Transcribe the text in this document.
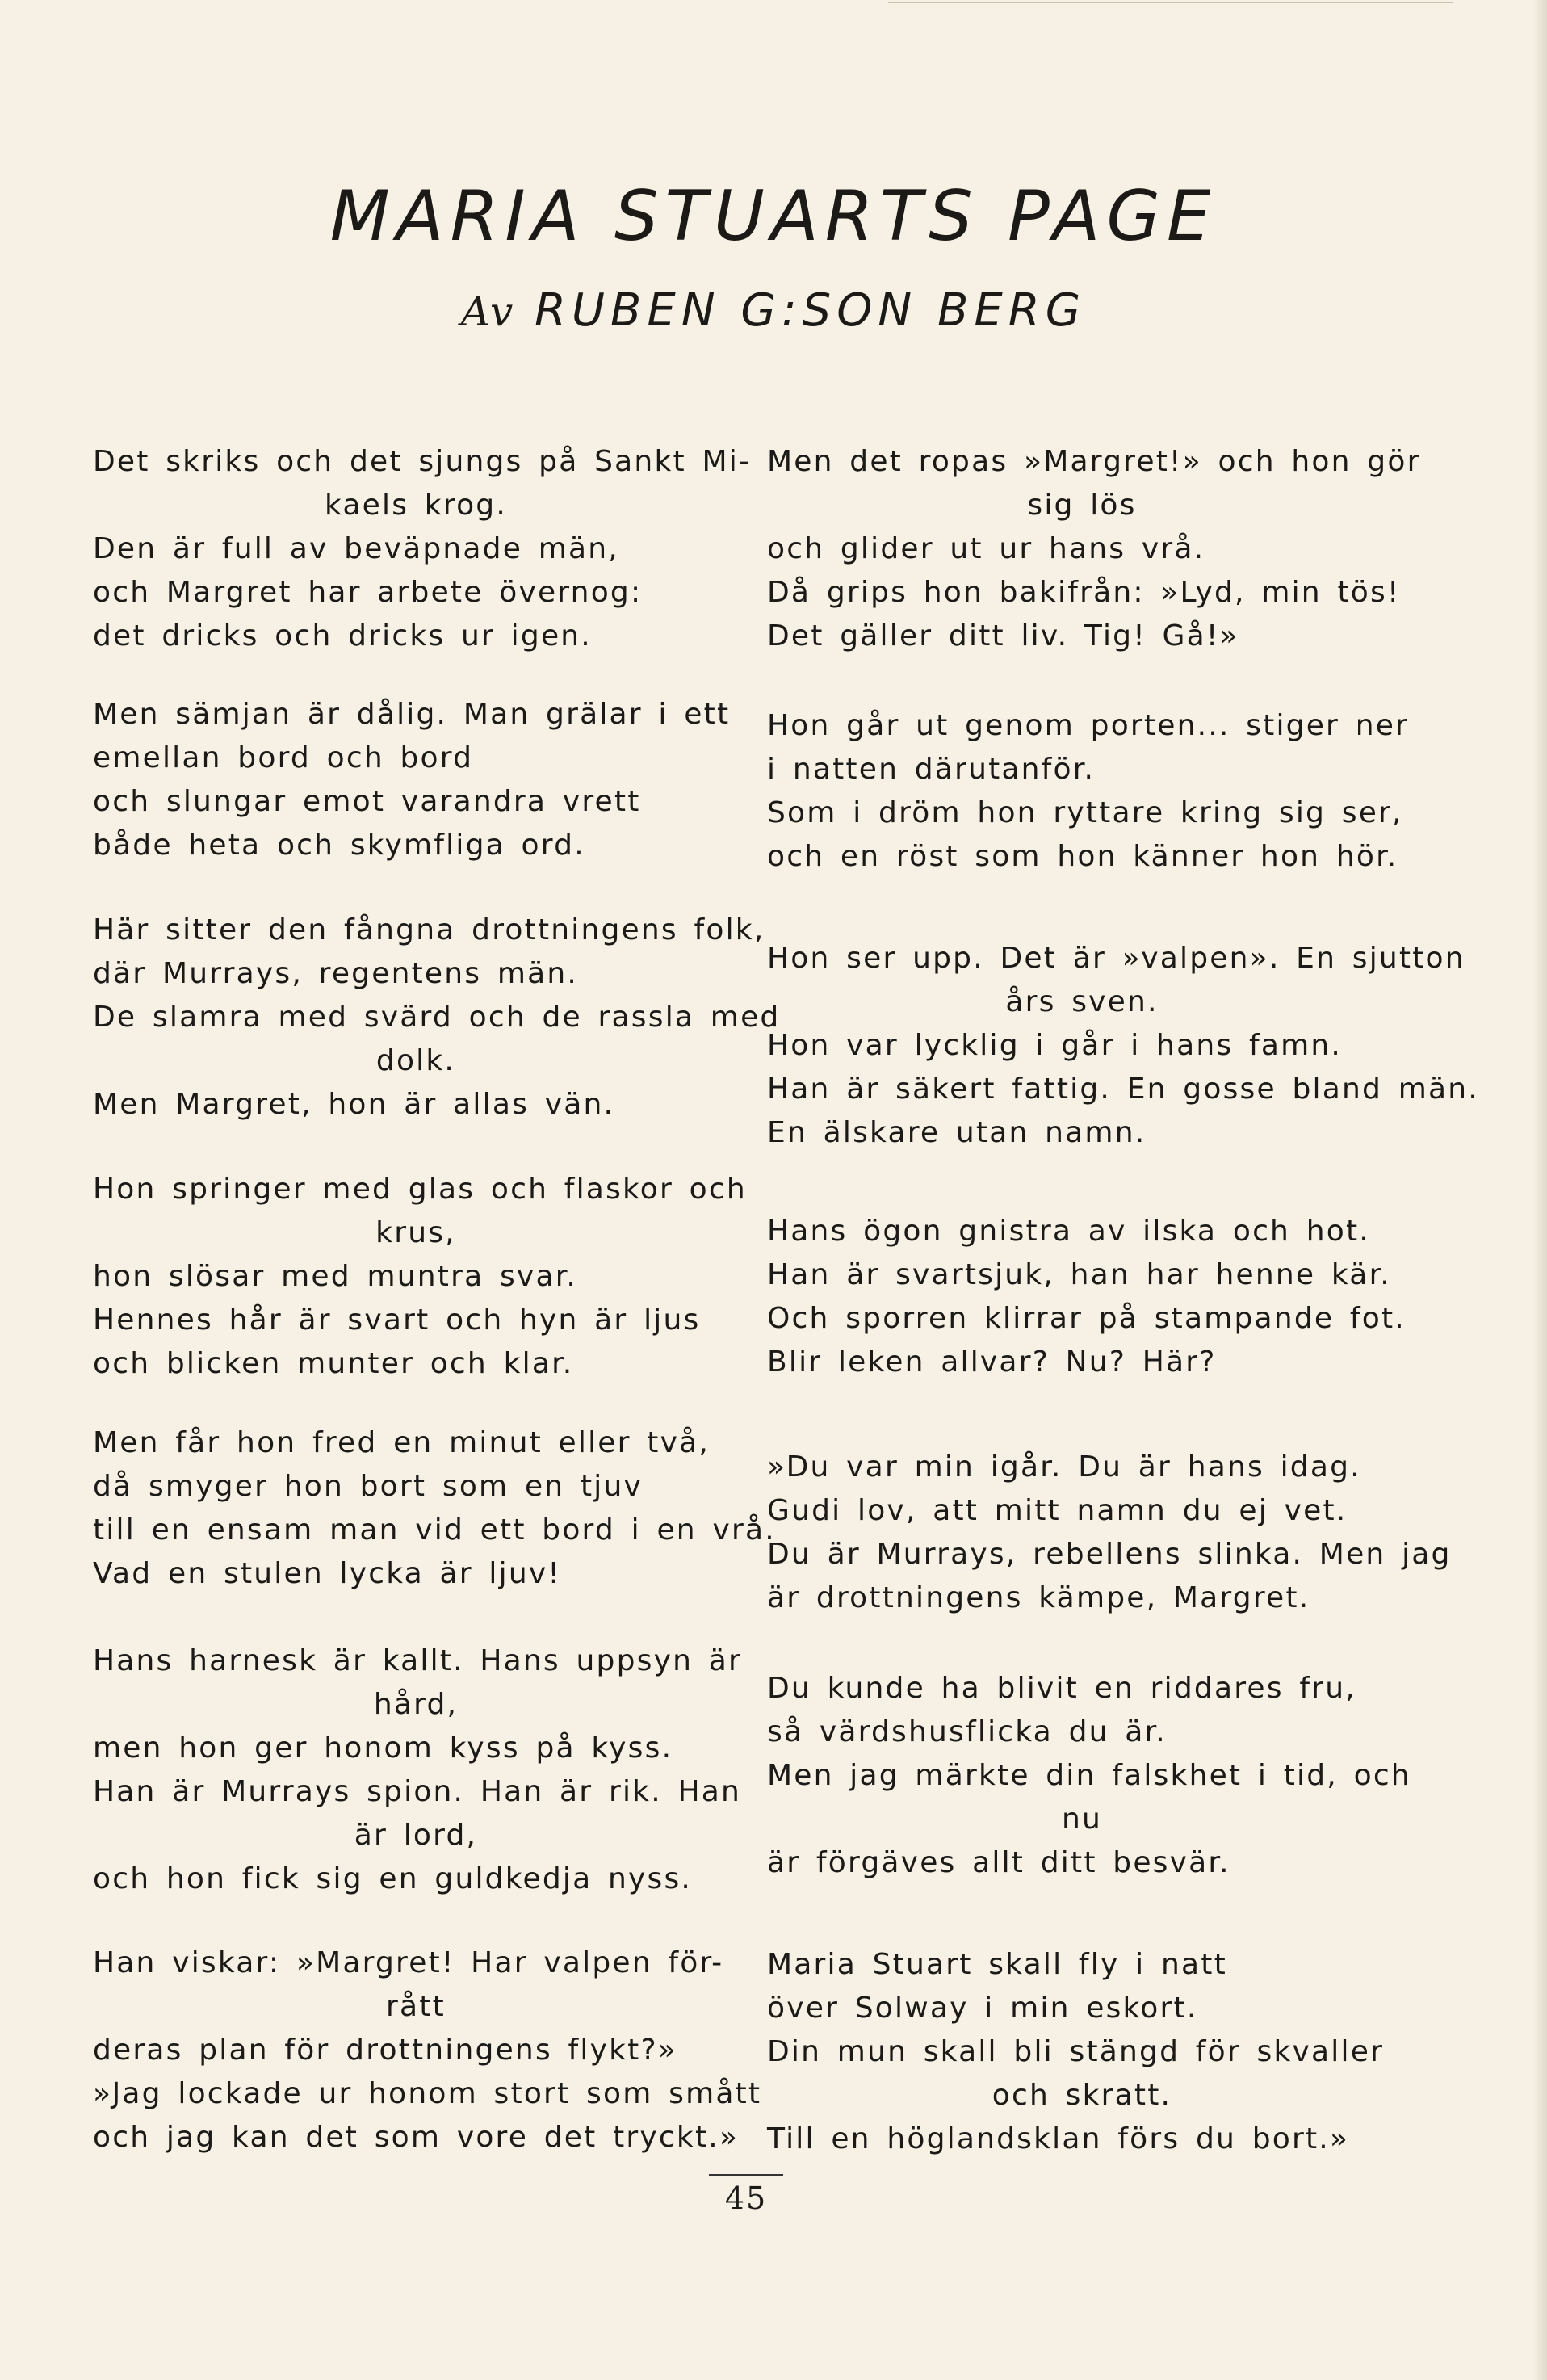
MARIA STUARTS PAGE
Av RUBEN G:SON BERG
Det skriks och det sjungs på Sankt Mi-
kaels krog.
Den är full av beväpnade män,
och Margret har arbete övernog:
det dricks och dricks ur igen.
Men sämjan är dålig. Man grälar i ett
emellan bord och bord
och slungar emot varandra vrett
både heta och skymfliga ord.
Här sitter den fångna drottningens folk,
där Murrays, regentens män.
De slamra med svärd och de rassla med
dolk.
Men Margret, hon är allas vän.
Hon springer med glas och flaskor och
krus,
hon slösar med muntra svar.
Hennes hår är svart och hyn är ljus
och blicken munter och klar.
Men får hon fred en minut eller två,
då smyger hon bort som en tjuv
till en ensam man vid ett bord i en vrå.
Vad en stulen lycka är ljuv!
Hans harnesk är kallt. Hans uppsyn är
hård,
men hon ger honom kyss på kyss.
Han är Murrays spion. Han är rik. Han
är lord,
och hon fick sig en guldkedja nyss.
Han viskar: »Margret! Har valpen för-
rått
deras plan för drottningens flykt?»
»Jag lockade ur honom stort som smått
och jag kan det som vore det tryckt.»
Men det ropas »Margret!» och hon gör
sig lös
och glider ut ur hans vrå.
Då grips hon bakifrån: »Lyd, min tös!
Det gäller ditt liv. Tig! Gå!»
Hon går ut genom porten... stiger ner
i natten därutanför.
Som i dröm hon ryttare kring sig ser,
och en röst som hon känner hon hör.
Hon ser upp. Det är »valpen». En sjutton
års sven.
Hon var lycklig i går i hans famn.
Han är säkert fattig. En gosse bland män.
En älskare utan namn.
Hans ögon gnistra av ilska och hot.
Han är svartsjuk, han har henne kär.
Och sporren klirrar på stampande fot.
Blir leken allvar? Nu? Här?
»Du var min igår. Du är hans idag.
Gudi lov, att mitt namn du ej vet.
Du är Murrays, rebellens slinka. Men jag
är drottningens kämpe, Margret.
Du kunde ha blivit en riddares fru,
så värdshusflicka du är.
Men jag märkte din falskhet i tid, och
nu
är förgäves allt ditt besvär.
Maria Stuart skall fly i natt
över Solway i min eskort.
Din mun skall bli stängd för skvaller
och skratt.
Till en höglandsklan förs du bort.»
45
